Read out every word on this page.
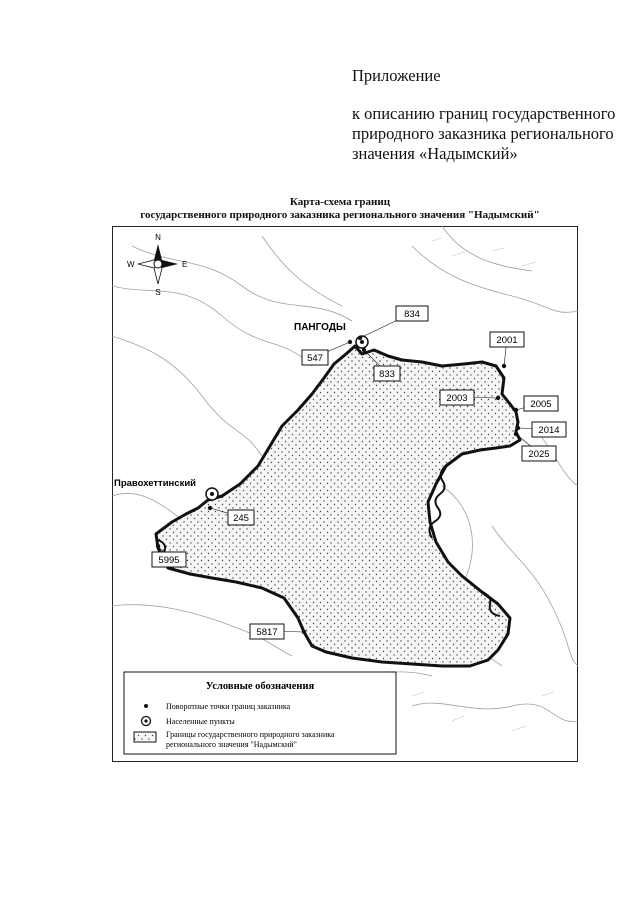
Приложение
к описанию границ государственного
природного заказника регионального
значения «Надымский»
Карта-схема границ
государственного природного заказника регионального значения "Надымский"
N
S
E
W
ПАНГОДЫ
Правохеттинский
834
547
833
2001
2003
2005
2014
2025
245
5995
5817
Условные обозначения
Поворотные точки границ заказника
Населенные пункты
Границы государственного природного заказника
регионального значения "Надымский"
